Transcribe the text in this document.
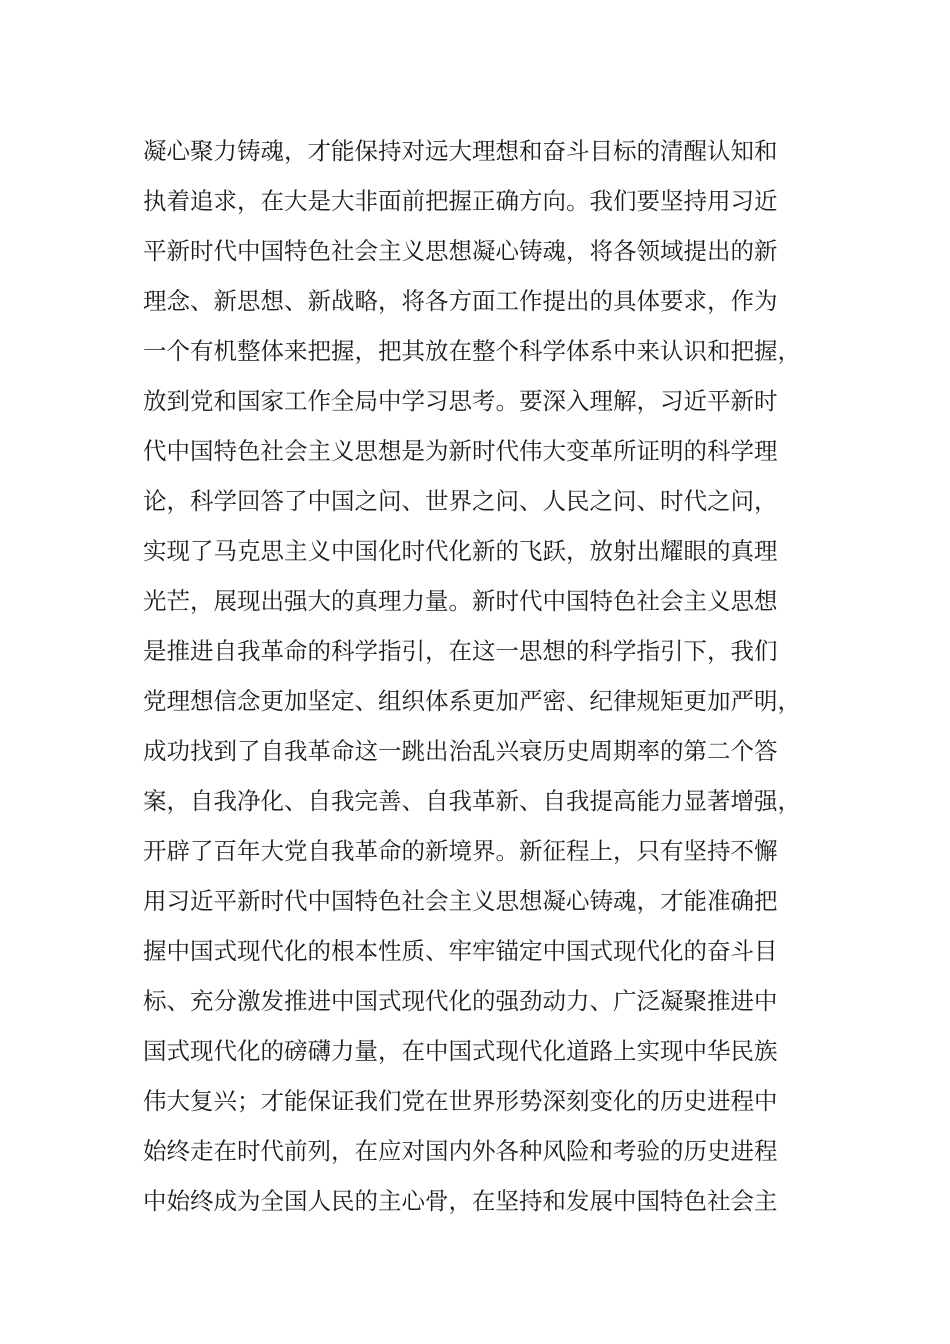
凝心聚力铸魂，才能保持对远大理想和奋斗目标的清醒认知和
执着追求，在大是大非面前把握正确方向。我们要坚持用习近
平新时代中国特色社会主义思想凝心铸魂，将各领域提出的新
理念、新思想、新战略，将各方面工作提出的具体要求，作为
一个有机整体来把握，把其放在整个科学体系中来认识和把握，
放到党和国家工作全局中学习思考。要深入理解，习近平新时
代中国特色社会主义思想是为新时代伟大变革所证明的科学理
论，科学回答了中国之问、世界之问、人民之问、时代之问，
实现了马克思主义中国化时代化新的飞跃，放射出耀眼的真理
光芒，展现出强大的真理力量。新时代中国特色社会主义思想
是推进自我革命的科学指引，在这一思想的科学指引下，我们
党理想信念更加坚定、组织体系更加严密、纪律规矩更加严明，
成功找到了自我革命这一跳出治乱兴衰历史周期率的第二个答
案，自我净化、自我完善、自我革新、自我提高能力显著增强，
开辟了百年大党自我革命的新境界。新征程上，只有坚持不懈
用习近平新时代中国特色社会主义思想凝心铸魂，才能准确把
握中国式现代化的根本性质、牢牢锚定中国式现代化的奋斗目
标、充分激发推进中国式现代化的强劲动力、广泛凝聚推进中
国式现代化的磅礴力量，在中国式现代化道路上实现中华民族
伟大复兴；才能保证我们党在世界形势深刻变化的历史进程中
始终走在时代前列，在应对国内外各种风险和考验的历史进程
中始终成为全国人民的主心骨，在坚持和发展中国特色社会主
